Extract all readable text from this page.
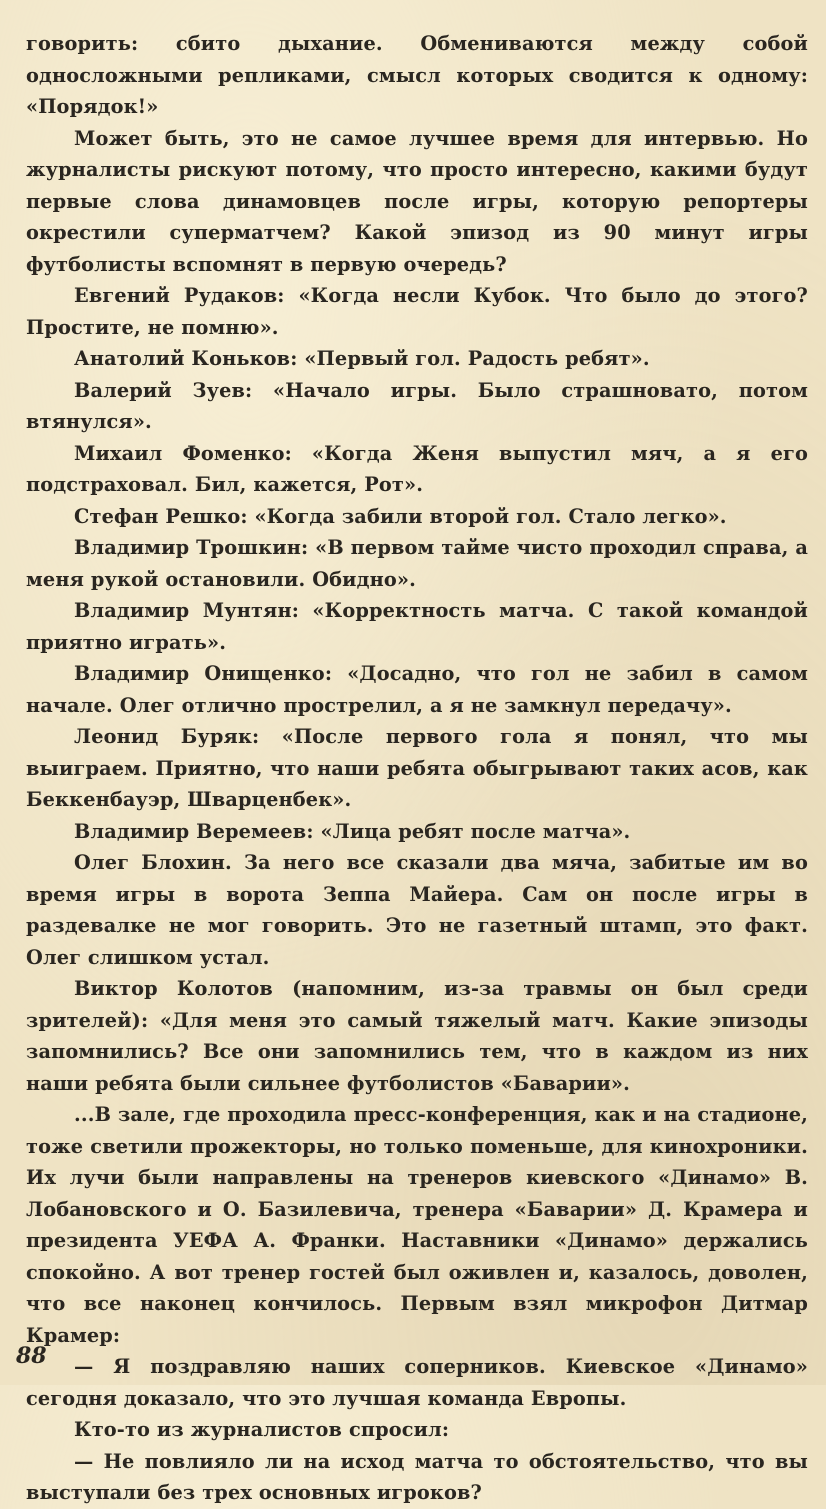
говорить: сбито дыхание. Обмениваются между собой односложными репликами, смысл которых сводится к одному: «Порядок!»

Может быть, это не самое лучшее время для интервью. Но журналисты рискуют потому, что просто интересно, какими будут первые слова динамовцев после игры, которую репортеры окрестили суперматчем? Какой эпизод из 90 минут игры футболисты вспомнят в первую очередь?

Евгений Рудаков: «Когда несли Кубок. Что было до этого? Простите, не помню».

Анатолий Коньков: «Первый гол. Радость ребят».

Валерий Зуев: «Начало игры. Было страшновато, потом втянулся».

Михаил Фоменко: «Когда Женя выпустил мяч, а я его подстраховал. Бил, кажется, Рот».

Стефан Решко: «Когда забили второй гол. Стало легко».

Владимир Трошкин: «В первом тайме чисто проходил справа, а меня рукой остановили. Обидно».

Владимир Мунтян: «Корректность матча. С такой командой приятно играть».

Владимир Онищенко: «Досадно, что гол не забил в самом начале. Олег отлично прострелил, а я не замкнул передачу».

Леонид Буряк: «После первого гола я понял, что мы выиграем. Приятно, что наши ребята обыгрывают таких асов, как Беккенбауэр, Шварценбек».

Владимир Веремеев: «Лица ребят после матча».

Олег Блохин. За него все сказали два мяча, забитые им во время игры в ворота Зеппа Майера. Сам он после игры в раздевалке не мог говорить. Это не газетный штамп, это факт. Олег слишком устал.

Виктор Колотов (напомним, из-за травмы он был среди зрителей): «Для меня это самый тяжелый матч. Какие эпизоды запомнились? Все они запомнились тем, что в каждом из них наши ребята были сильнее футболистов «Баварии».

...В зале, где проходила пресс-конференция, как и на стадионе, тоже светили прожекторы, но только поменьше, для кинохроники. Их лучи были направлены на тренеров киевского «Динамо» В. Лобановского и О. Базилевича, тренера «Баварии» Д. Крамера и президента УЕФА А. Франки. Наставники «Динамо» держались спокойно. А вот тренер гостей был оживлен и, казалось, доволен, что все наконец кончилось. Первым взял микрофон Дитмар Крамер:

— Я поздравляю наших соперников. Киевское «Динамо» сегодня доказало, что это лучшая команда Европы.

Кто-то из журналистов спросил:

— Не повлияло ли на исход матча то обстоятельство, что вы выступали без трех основных игроков?

88
